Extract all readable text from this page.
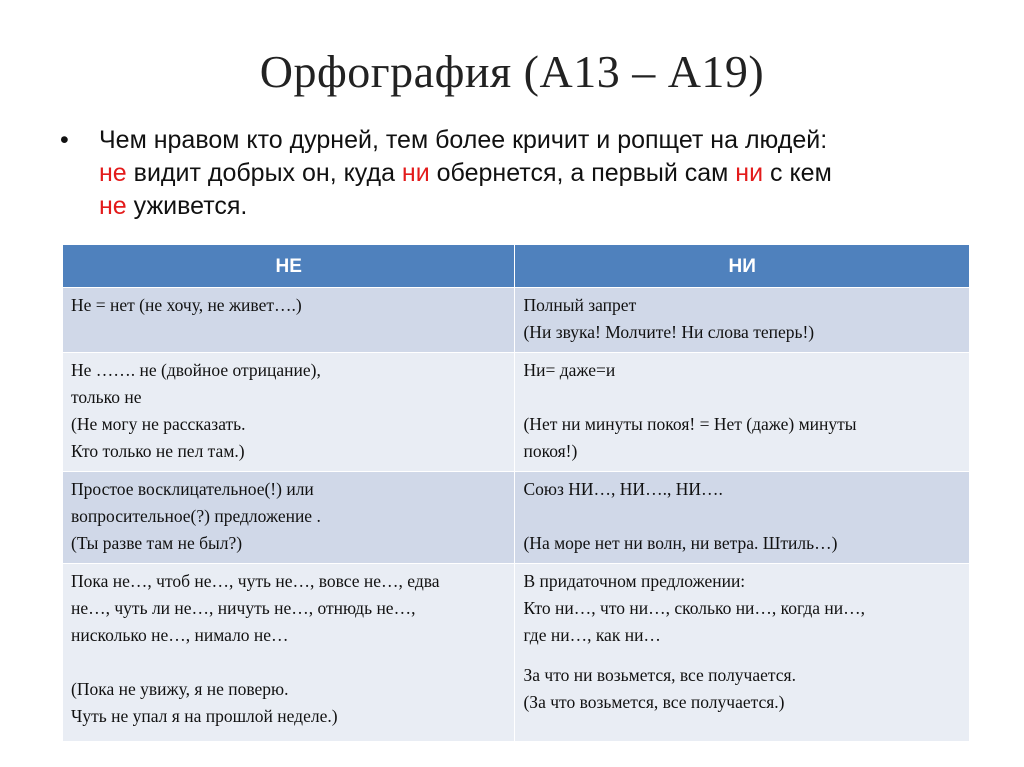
Орфография (А13 – А19)
• Чем нравом кто дурней, тем более кричит и ропщет на людей:
не видит добрых он, куда ни обернется, а первый сам ни с кем
не уживется.
НЕ	НИ

Не = нет (не хочу, не живет….)	Полный запрет
(Ни звука! Молчите! Ни слова теперь!)

Не ……. не (двойное отрицание),
только не
(Не могу не рассказать.
Кто только не пел там.)	Ни= даже=и
(Нет ни минуты покоя! = Нет (даже) минуты
покоя!)

Простое восклицательное(!) или
вопросительное(?) предложение .
(Ты разве там не был?)	Союз НИ…, НИ…., НИ….
(На море нет ни волн, ни ветра. Штиль…)

Пока не…, чтоб не…, чуть не…, вовсе не…, едва
не…, чуть ли не…, ничуть не…, отнюдь не…,
нисколько не…, нимало не…
(Пока не увижу, я не поверю.
Чуть не упал я на прошлой неделе.)	В придаточном предложении:
Кто ни…, что ни…, сколько ни…, когда ни…,
где ни…, как ни…
За что ни возьмется, все получается.
(За что возьмется, все получается.)
